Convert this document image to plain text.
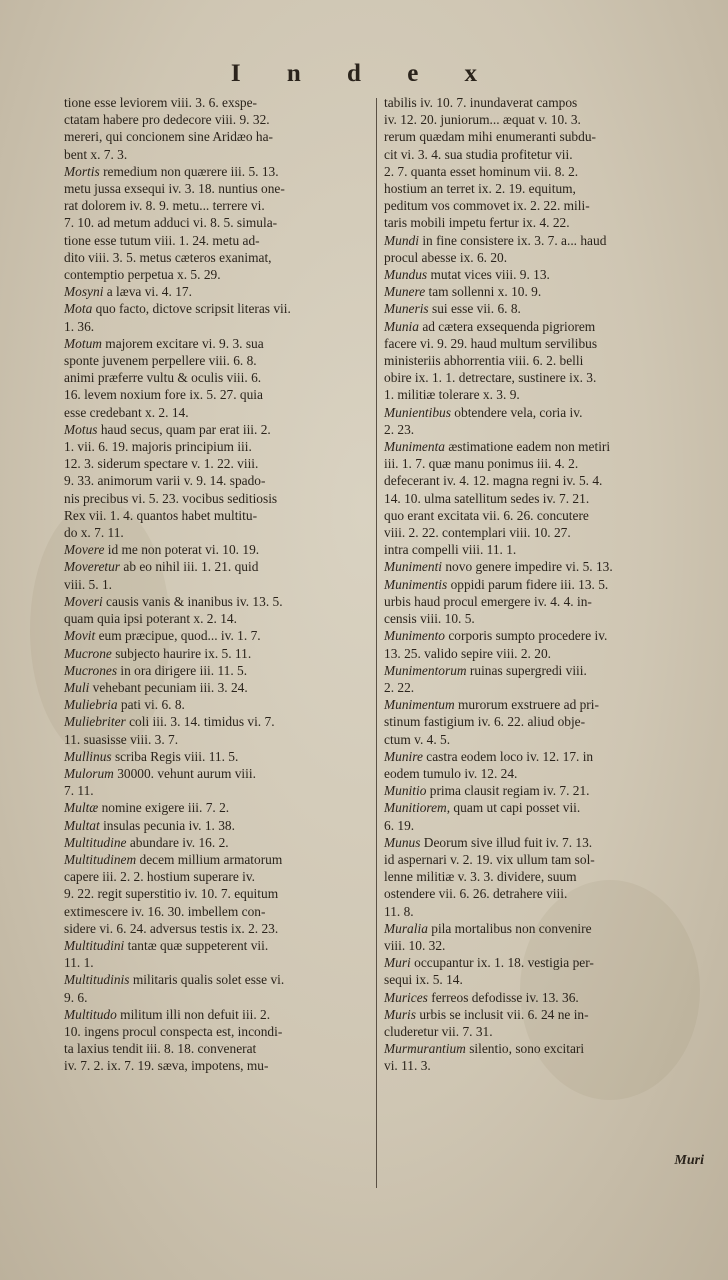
I n d e x
tione esse leviorem viii. 3. 6. exspe-
ctatam habere pro dedecore viii. 9. 32.
mereri, qui concionem sine Aridæo ha-
bent x. 7. 3.
Mortis remedium non quærere iii. 5. 13.
metu jussa exsequi iv. 3. 18. nuntius one-
rat dolorem iv. 8. 9. metu... terrere vi.
7. 10. ad metum adduci vi. 8. 5. simula-
tione esse tutum viii. 1. 24. metu ad-
dito viii. 3. 5. metus cæteros exanimat,
contemptio perpetua x. 5. 29.
Mosyni a læva vi. 4. 17.
Mota quo facto, dictove scripsit literas vii.
1. 36.
Motum majorem excitare vi. 9. 3. sua
sponte juvenem perpellere viii. 6. 8.
animi præferre vultu & oculis viii. 6.
16. levem noxium fore ix. 5. 27. quia
esse credebant x. 2. 14.
Motus haud secus, quam par erat iii. 2.
1. vii. 6. 19. majoris principium iii.
12. 3. siderum spectare v. 1. 22. viii.
9. 33. animorum varii v. 9. 14. spado-
nis precibus vi. 5. 23. vocibus seditiosis
Rex vii. 1. 4. quantos habet multitu-
do x. 7. 11.
Movere id me non poterat vi. 10. 19.
Moveretur ab eo nihil iii. 1. 21. quid
viii. 5. 1.
Moveri causis vanis & inanibus iv. 13. 5.
quam quia ipsi poterant x. 2. 14.
Movit eum præcipue, quod... iv. 1. 7.
Mucrone subjecto haurire ix. 5. 11.
Mucrones in ora dirigere iii. 11. 5.
Muli vehebant pecuniam iii. 3. 24.
Muliebria pati vi. 6. 8.
Muliebriter coli iii. 3. 14. timidus vi. 7.
11. suasisse viii. 3. 7.
Mullinus scriba Regis viii. 11. 5.
Mulorum 30000. vehunt aurum viii.
7. 11.
Multæ nomine exigere iii. 7. 2.
Multat insulas pecunia iv. 1. 38.
Multitudine abundare iv. 16. 2.
Multitudinem decem millium armatorum
capere iii. 2. 2. hostium superare iv.
9. 22. regit superstitio iv. 10. 7. equitum
extimescere iv. 16. 30. imbellem con-
sidere vi. 6. 24. adversus testis ix. 2. 23.
Multitudini tantæ quæ suppeterent vii.
11. 1.
Multitudinis militaris qualis solet esse vi.
9. 6.
Multitudo militum illi non defuit iii. 2.
10. ingens procul conspecta est, incondi-
ta laxius tendit iii. 8. 18. convenerat
iv. 7. 2. ix. 7. 19. sæva, impotens, mu-
tabilis iv. 10. 7. inundaverat campos
iv. 12. 20. juniorum... æquat v. 10. 3.
rerum quædam mihi enumeranti subdu-
cit vi. 3. 4. sua studia profitetur vii.
2. 7. quanta esset hominum vii. 8. 2.
hostium an terret ix. 2. 19. equitum,
peditum vos commovet ix. 2. 22. mili-
taris mobili impetu fertur ix. 4. 22.
Mundi in fine consistere ix. 3. 7. a... haud
procul abesse ix. 6. 20.
Mundus mutat vices viii. 9. 13.
Munere tam sollenni x. 10. 9.
Muneris sui esse vii. 6. 8.
Munia ad cætera exsequenda pigriorem
facere vi. 9. 29. haud multum servilibus
ministeriis abhorrentia viii. 6. 2. belli
obire ix. 1. 1. detrectare, sustinere ix. 3.
1. militiæ tolerare x. 3. 9.
Munientibus obtendere vela, coria iv.
2. 23.
Munimenta æstimatione eadem non metiri
iii. 1. 7. quæ manu ponimus iii. 4. 2.
defecerant iv. 4. 12. magna regni iv. 5. 4.
14. 10. ulma satellitum sedes iv. 7. 21.
quo erant excitata vii. 6. 26. concutere
viii. 2. 22. contemplari viii. 10. 27.
intra compelli viii. 11. 1.
Munimenti novo genere impedire vi. 5. 13.
Munimentis oppidi parum fidere iii. 13. 5.
urbis haud procul emergere iv. 4. 4. in-
censis viii. 10. 5.
Munimento corporis sumpto procedere iv.
13. 25. valido sepire viii. 2. 20.
Munimentorum ruinas supergredi viii.
2. 22.
Munimentum murorum exstruere ad pri-
stinum fastigium iv. 6. 22. aliud obje-
ctum v. 4. 5.
Munire castra eodem loco iv. 12. 17. in
eodem tumulo iv. 12. 24.
Munitio prima clausit regiam iv. 7. 21.
Munitiorem, quam ut capi posset vii.
6. 19.
Munus Deorum sive illud fuit iv. 7. 13.
id aspernari v. 2. 19. vix ullum tam sol-
lenne militiæ v. 3. 3. dividere, suum
ostendere vii. 6. 26. detrahere viii.
11. 8.
Muralia pila mortalibus non convenire
viii. 10. 32.
Muri occupantur ix. 1. 18. vestigia per-
sequi ix. 5. 14.
Murices ferreos defodisse iv. 13. 36.
Muris urbis se inclusit vii. 6. 24 ne in-
cluderetur vii. 7. 31.
Murmurantium silentio, sono excitari
vi. 11. 3.
Muri
